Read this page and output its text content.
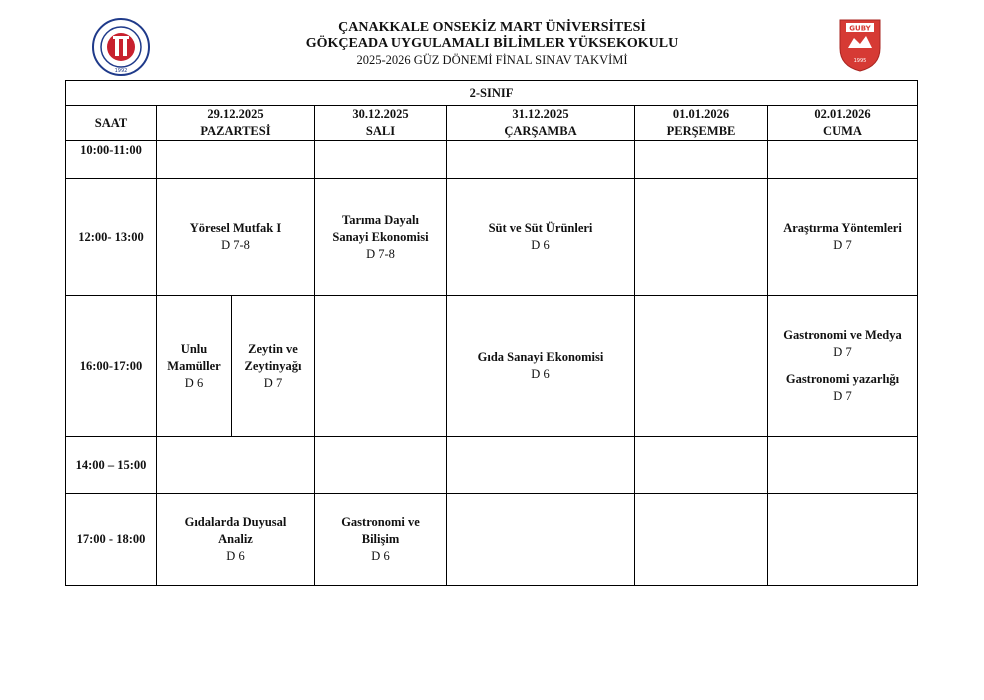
1992
GUBY
1995
ÇANAKKALE ONSEKİZ MART ÜNİVERSİTESİ
GÖKÇEADA UYGULAMALI BİLİMLER YÜKSEKOKULU
2025-2026 GÜZ DÖNEMİ FİNAL SINAV TAKVİMİ
2-SINIF
SAAT
29.12.2025
PAZARTESİ
30.12.2025
SALI
31.12.2025
ÇARŞAMBA
01.01.2026
PERŞEMBE
02.01.2026
CUMA
10:00-11:00
12:00- 13:00
16:00-17:00
14:00 – 15:00
17:00 - 18:00
Yöresel Mutfak I
D 7-8
Tarıma Dayalı
Sanayi Ekonomisi
D 7-8
Süt ve Süt Ürünleri
D 6
Araştırma Yöntemleri
D 7
Unlu
Mamüller
D 6
Zeytin ve
Zeytinyağı
D 7
Gıda Sanayi Ekonomisi
D 6
Gastronomi ve Medya
D 7
Gastronomi yazarlığı
D 7
Gıdalarda Duyusal
Analiz
D 6
Gastronomi ve
Bilişim
D 6
